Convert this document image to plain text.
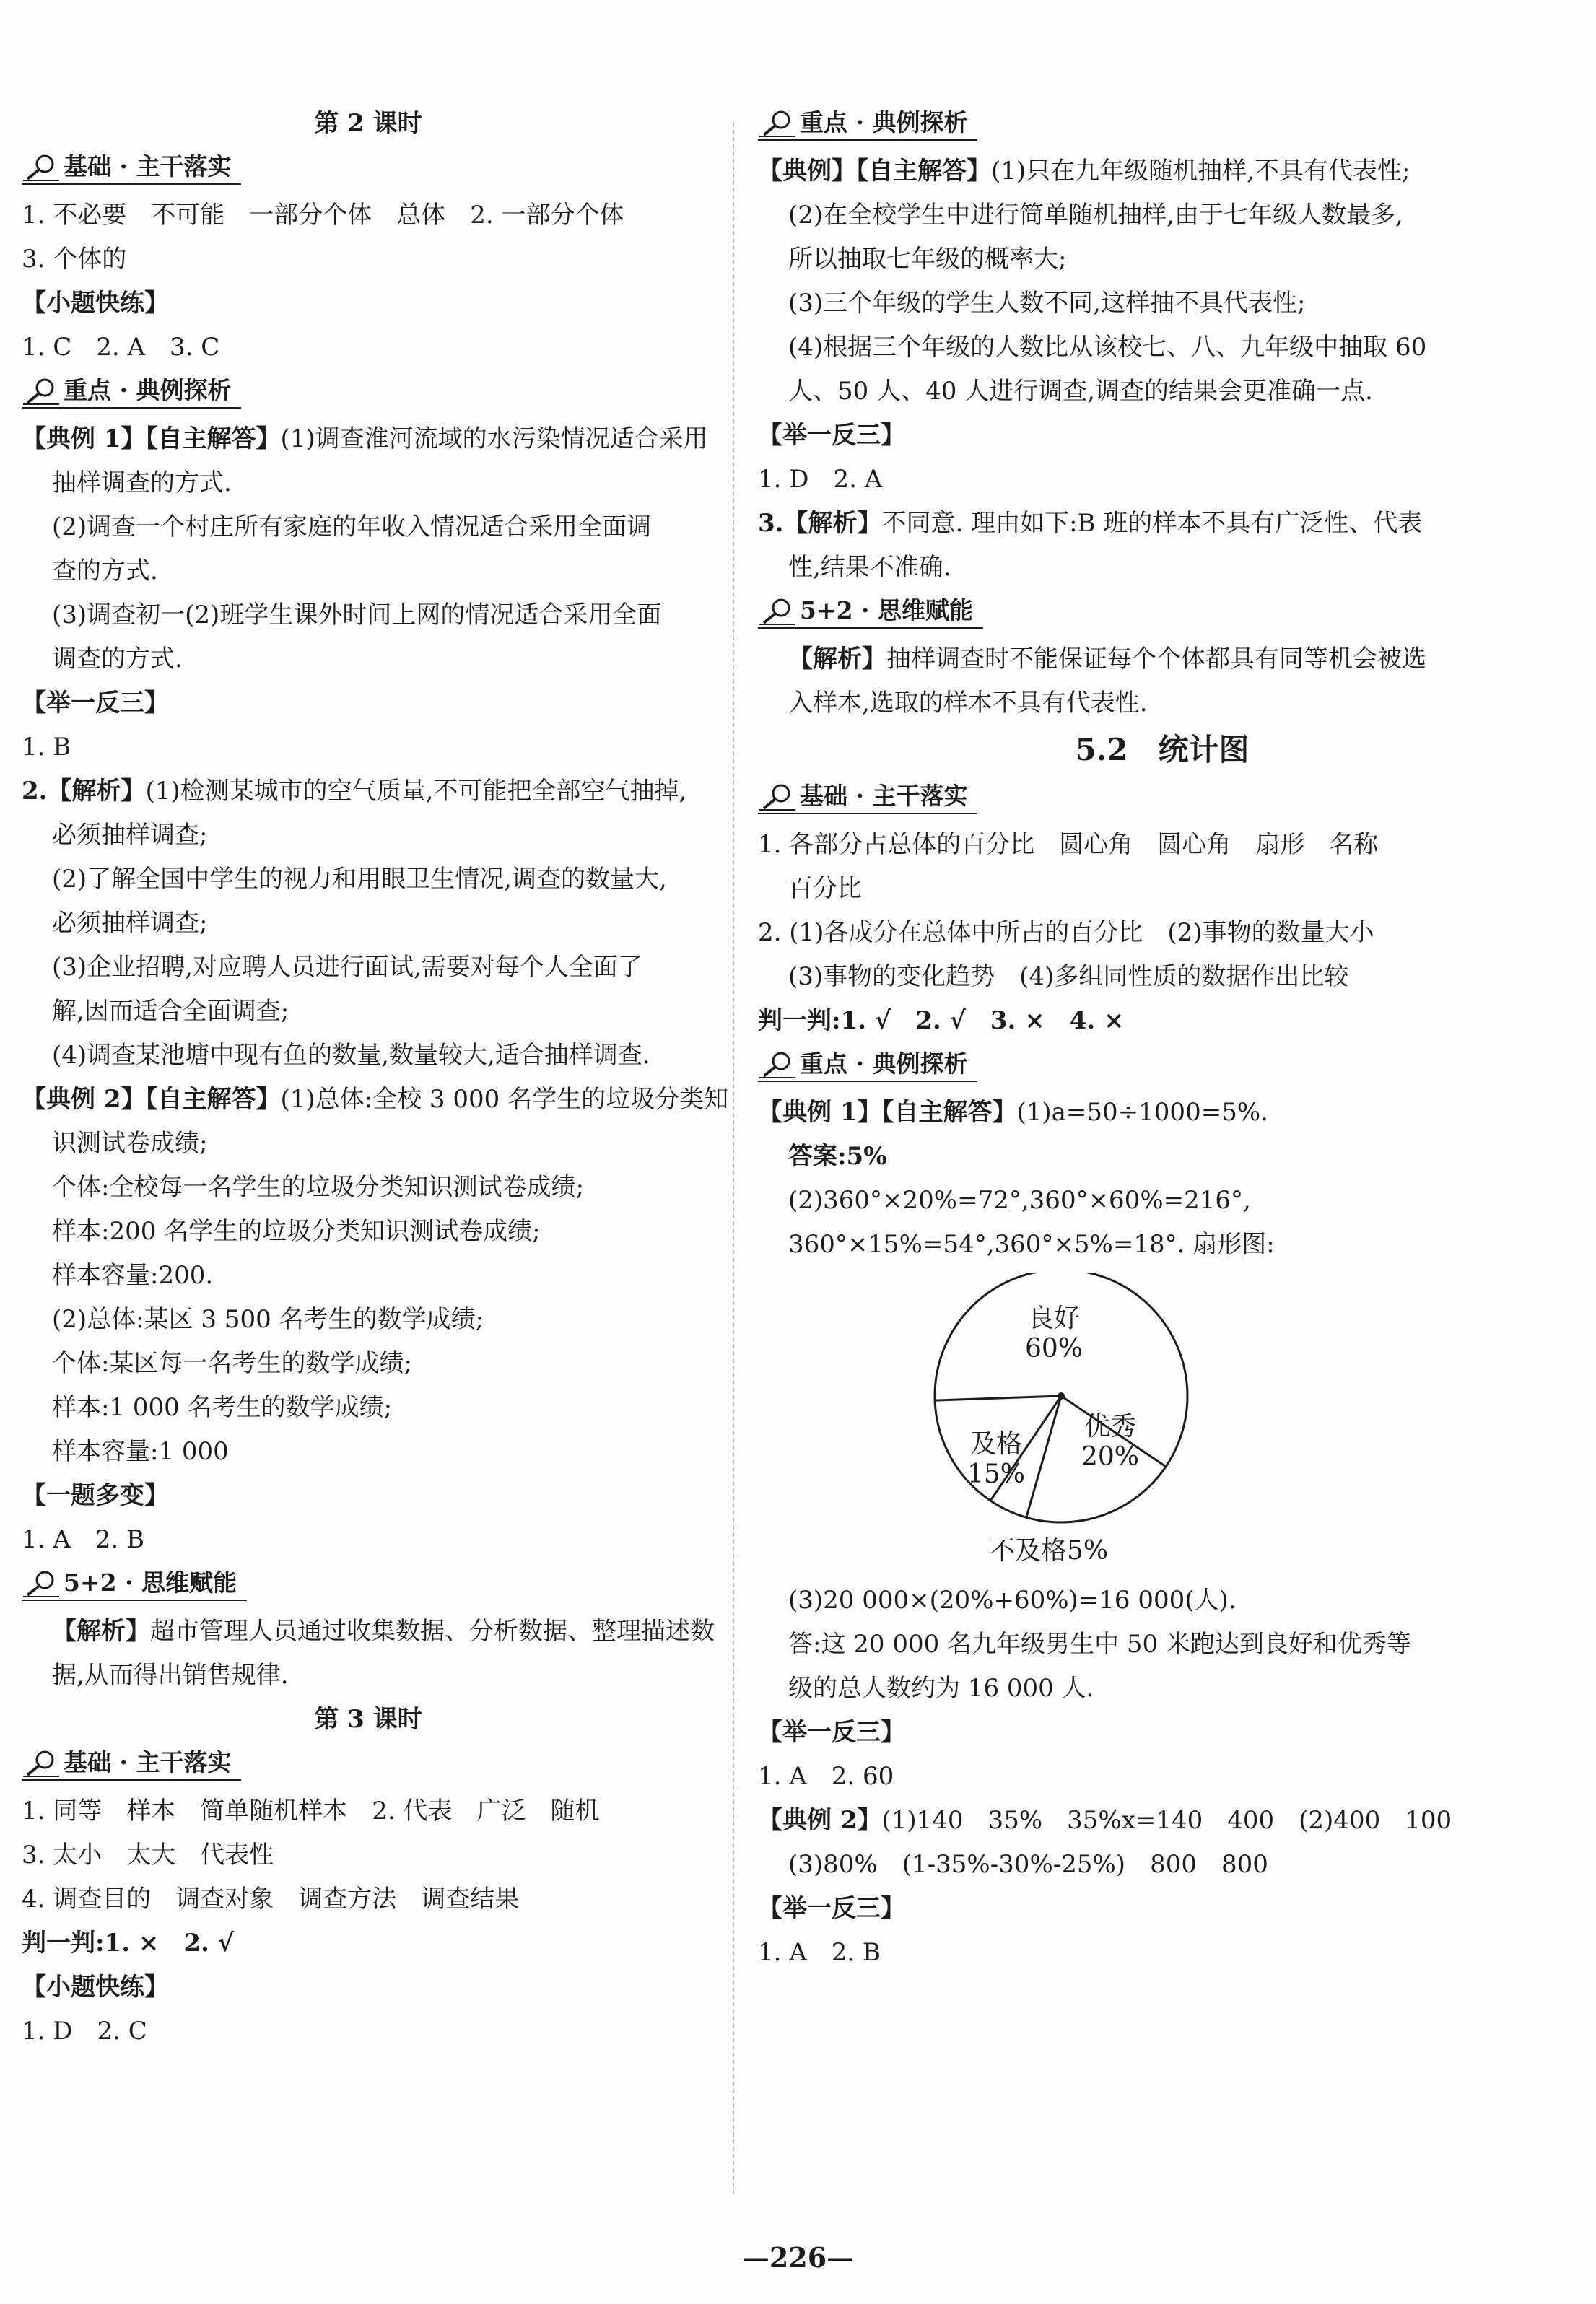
第 2 课时
基础 · 主干落实
1. 不必要　不可能　一部分个体　总体　2. 一部分个体
3. 个体的
【小题快练】
1. C　2. A　3. C
重点 · 典例探析
【典例 1】【自主解答】(1)调查淮河流域的水污染情况适合采用
抽样调查的方式.
(2)调查一个村庄所有家庭的年收入情况适合采用全面调
查的方式.
(3)调查初一(2)班学生课外时间上网的情况适合采用全面
调查的方式.
【举一反三】
1. B
2.【解析】(1)检测某城市的空气质量,不可能把全部空气抽掉,
必须抽样调查;
(2)了解全国中学生的视力和用眼卫生情况,调查的数量大,
必须抽样调查;
(3)企业招聘,对应聘人员进行面试,需要对每个人全面了
解,因而适合全面调查;
(4)调查某池塘中现有鱼的数量,数量较大,适合抽样调查.
【典例 2】【自主解答】(1)总体:全校 3 000 名学生的垃圾分类知
识测试卷成绩;
个体:全校每一名学生的垃圾分类知识测试卷成绩;
样本:200 名学生的垃圾分类知识测试卷成绩;
样本容量:200.
(2)总体:某区 3 500 名考生的数学成绩;
个体:某区每一名考生的数学成绩;
样本:1 000 名考生的数学成绩;
样本容量:1 000
【一题多变】
1. A　2. B
5+2 · 思维赋能
【解析】超市管理人员通过收集数据、分析数据、整理描述数
据,从而得出销售规律.
第 3 课时
基础 · 主干落实
1. 同等　样本　简单随机样本　2. 代表　广泛　随机
3. 太小　太大　代表性
4. 调查目的　调查对象　调查方法　调查结果
判一判:1. ×　2. √
【小题快练】
1. D　2. C
重点 · 典例探析
【典例】【自主解答】(1)只在九年级随机抽样,不具有代表性;
(2)在全校学生中进行简单随机抽样,由于七年级人数最多,
所以抽取七年级的概率大;
(3)三个年级的学生人数不同,这样抽不具代表性;
(4)根据三个年级的人数比从该校七、八、九年级中抽取 60
人、50 人、40 人进行调查,调查的结果会更准确一点.
【举一反三】
1. D　2. A
3.【解析】不同意. 理由如下:B 班的样本不具有广泛性、代表
性,结果不准确.
5+2 · 思维赋能
【解析】抽样调查时不能保证每个个体都具有同等机会被选
入样本,选取的样本不具有代表性.
5.2　统计图
基础 · 主干落实
1. 各部分占总体的百分比　圆心角　圆心角　扇形　名称
百分比
2. (1)各成分在总体中所占的百分比　(2)事物的数量大小
(3)事物的变化趋势　(4)多组同性质的数据作出比较
判一判:1. √　2. √　3. ×　4. ×
重点 · 典例探析
【典例 1】【自主解答】(1)a=50÷1000=5%.
答案:5%
(2)360°×20%=72°,360°×60%=216°,
360°×15%=54°,360°×5%=18°. 扇形图:
良好
60%
优秀
20%
及格
15%
不及格5%
(3)20 000×(20%+60%)=16 000(人).
答:这 20 000 名九年级男生中 50 米跑达到良好和优秀等
级的总人数约为 16 000 人.
【举一反三】
1. A　2. 60
【典例 2】(1)140　35%　35%x=140　400　(2)400　100
(3)80%　(1-35%-30%-25%)　800　800
【举一反三】
1. A　2. B
—226—
